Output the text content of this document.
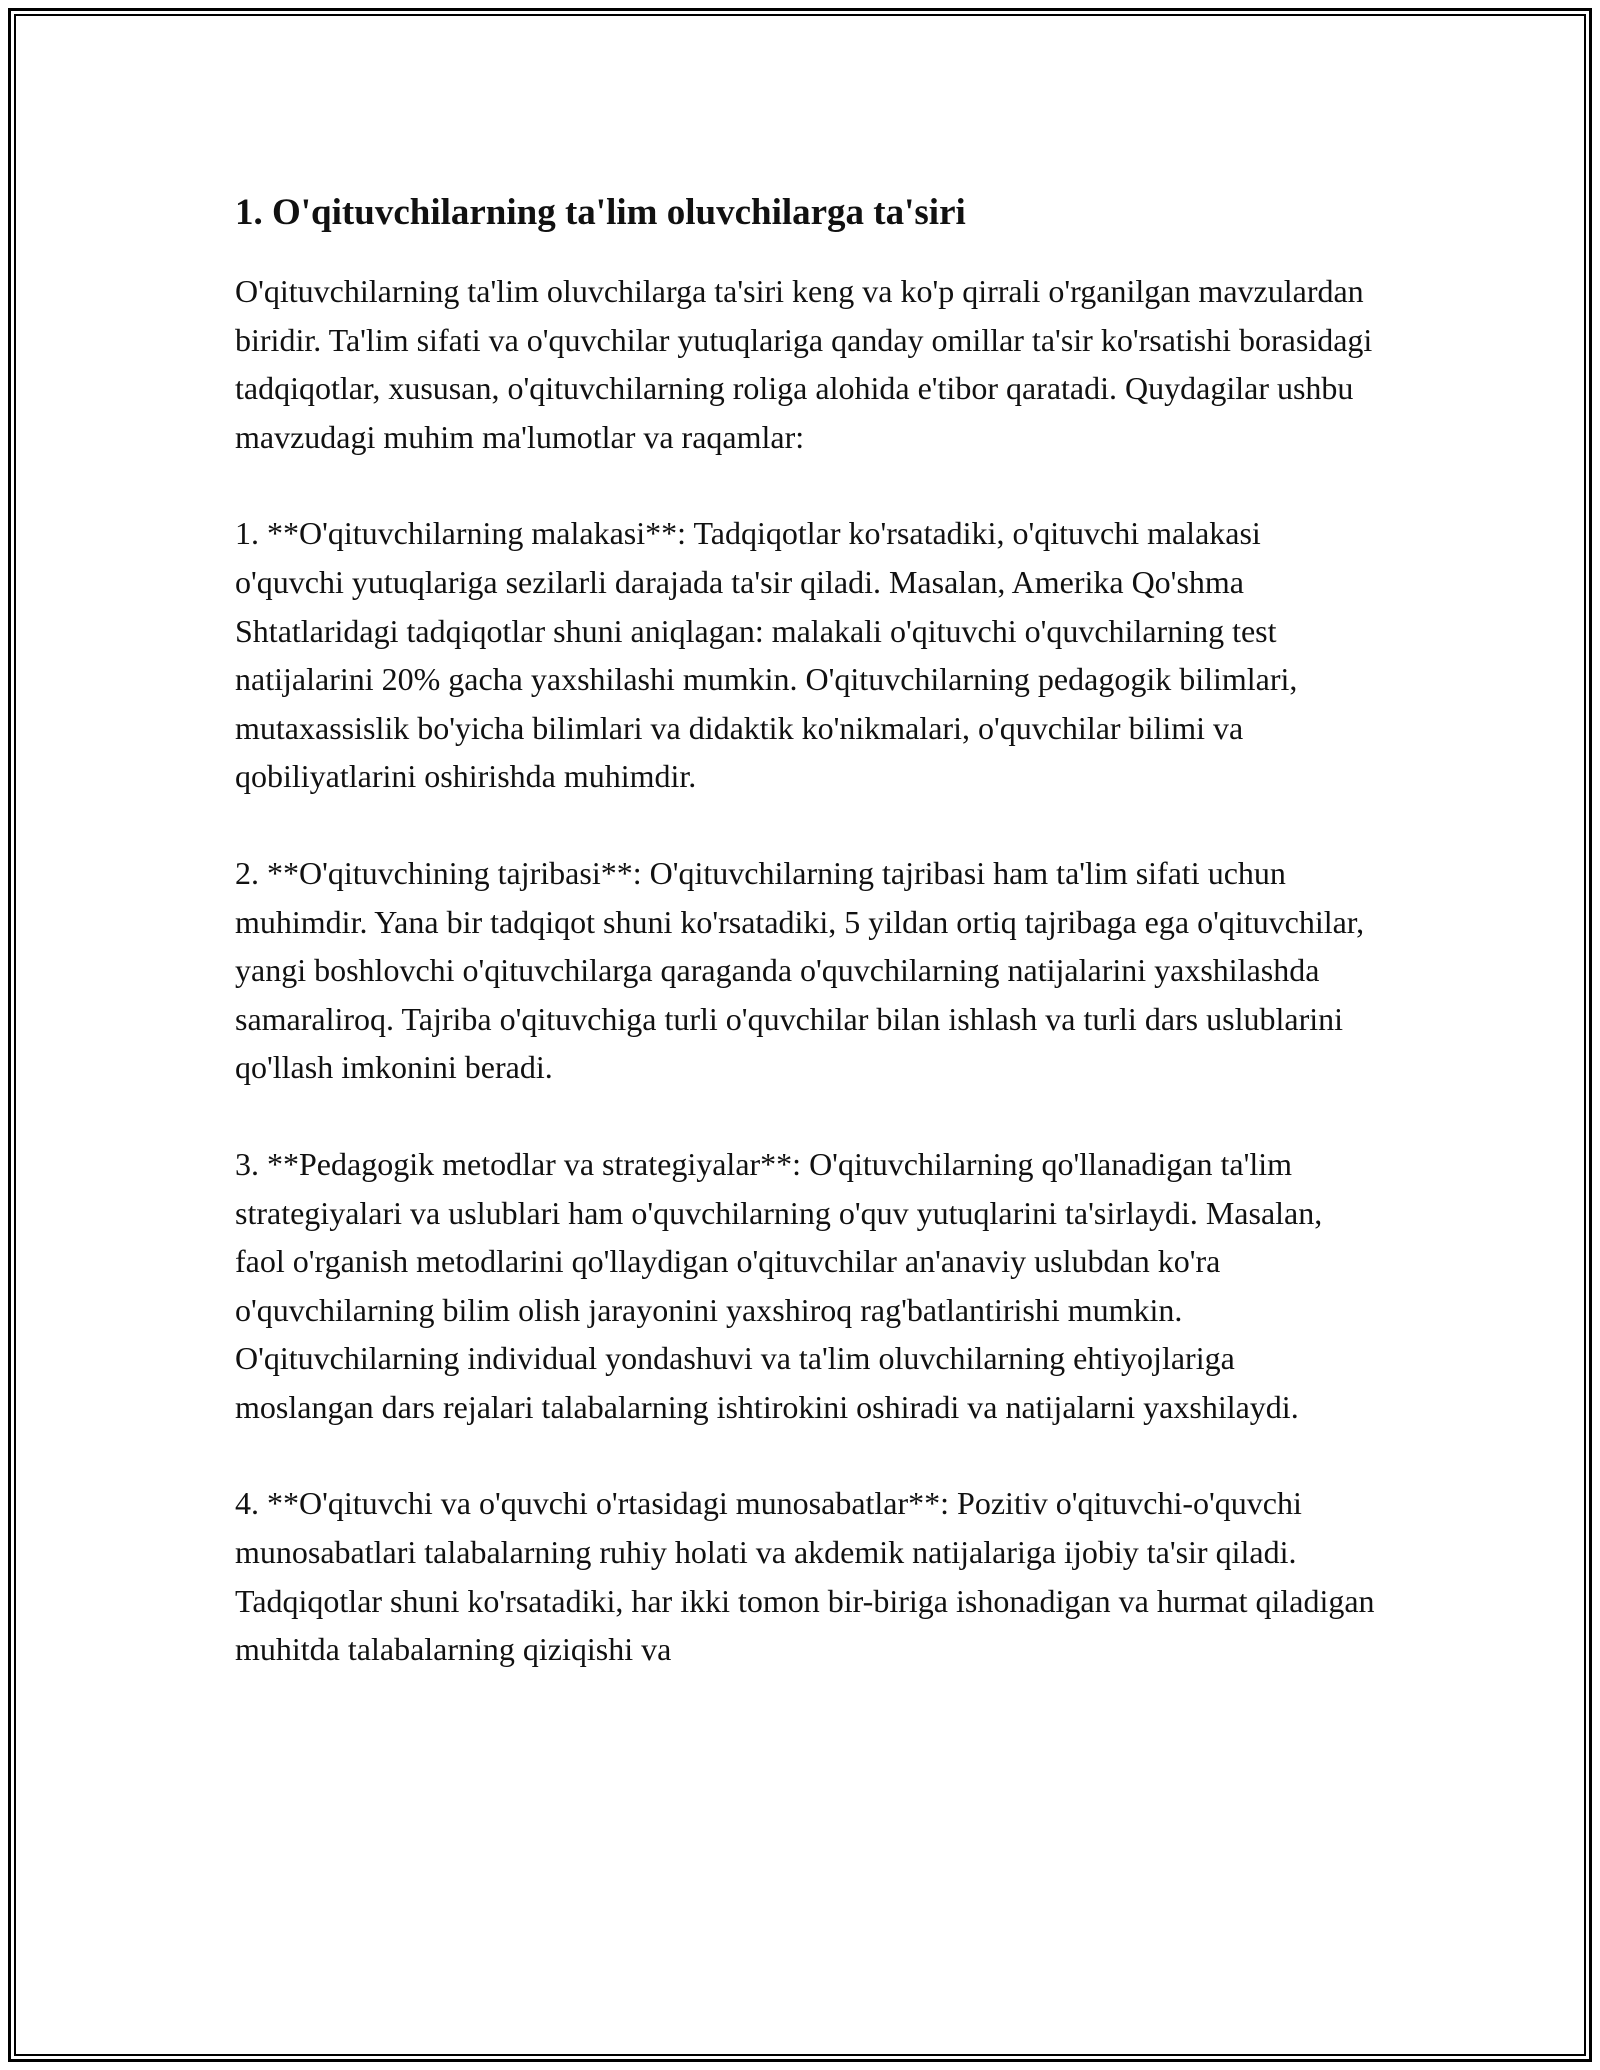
1. O'qituvchilarning ta'lim oluvchilarga ta'siri

O'qituvchilarning ta'lim oluvchilarga ta'siri keng va ko'p qirrali o'rganilgan mavzulardan biridir. Ta'lim sifati va o'quvchilar yutuqlariga qanday omillar ta'sir ko'rsatishi borasidagi tadqiqotlar, xususan, o'qituvchilarning roliga alohida e'tibor qaratadi. Quydagilar ushbu mavzudagi muhim ma'lumotlar va raqamlar:

1. **O'qituvchilarning malakasi**: Tadqiqotlar ko'rsatadiki, o'qituvchi malakasi o'quvchi yutuqlariga sezilarli darajada ta'sir qiladi. Masalan, Amerika Qo'shma Shtatlaridagi tadqiqotlar shuni aniqlagan: malakali o'qituvchi o'quvchilarning test natijalarini 20% gacha yaxshilashi mumkin. O'qituvchilarning pedagogik bilimlari, mutaxassislik bo'yicha bilimlari va didaktik ko'nikmalari, o'quvchilar bilimi va qobiliyatlarini oshirishda muhimdir.

2. **O'qituvchining tajribasi**: O'qituvchilarning tajribasi ham ta'lim sifati uchun muhimdir. Yana bir tadqiqot shuni ko'rsatadiki, 5 yildan ortiq tajribaga ega o'qituvchilar, yangi boshlovchi o'qituvchilarga qaraganda o'quvchilarning natijalarini yaxshilashda samaraliroq. Tajriba o'qituvchiga turli o'quvchilar bilan ishlash va turli dars uslublarini qo'llash imkonini beradi.

3. **Pedagogik metodlar va strategiyalar**: O'qituvchilarning qo'llanadigan ta'lim strategiyalari va uslublari ham o'quvchilarning o'quv yutuqlarini ta'sirlaydi. Masalan, faol o'rganish metodlarini qo'llaydigan o'qituvchilar an'anaviy uslubdan ko'ra o'quvchilarning bilim olish jarayonini yaxshiroq rag'batlantirishi mumkin. O'qituvchilarning individual yondashuvi va ta'lim oluvchilarning ehtiyojlariga moslangan dars rejalari talabalarning ishtirokini oshiradi va natijalarni yaxshilaydi.

4. **O'qituvchi va o'quvchi o'rtasidagi munosabatlar**: Pozitiv o'qituvchi-o'quvchi munosabatlari talabalarning ruhiy holati va akdemik natijalariga ijobiy ta'sir qiladi. Tadqiqotlar shuni ko'rsatadiki, har ikki tomon bir-biriga ishonadigan va hurmat qiladigan muhitda talabalarning qiziqishi va
